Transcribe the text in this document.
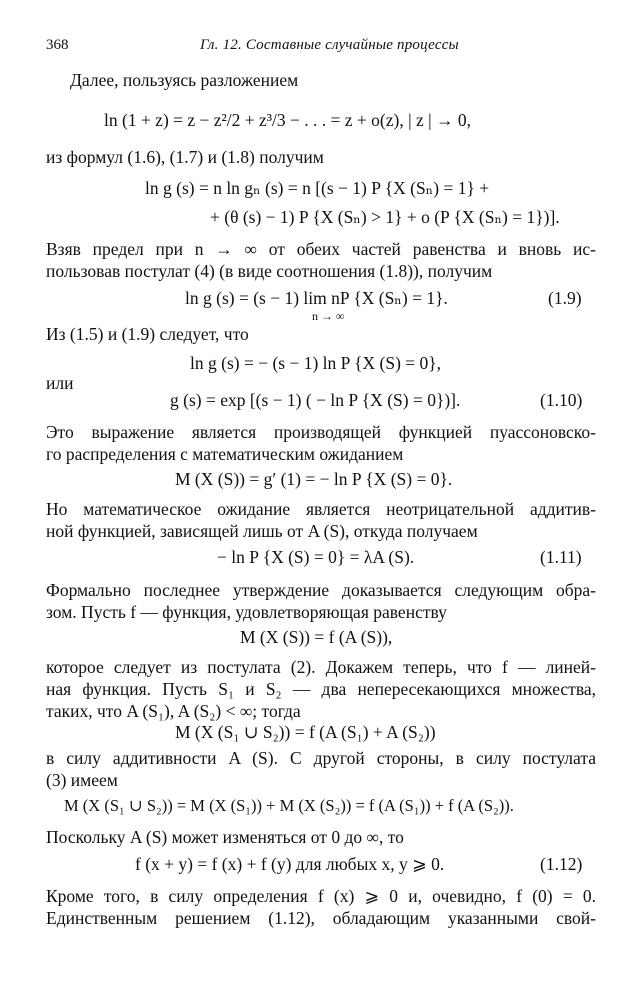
368	Гл. 12. Составные случайные процессы
Далее, пользуясь разложением
ln (1 + z) = z − z²/2 + z³/3 − . . . = z + o(z), | z | → 0,
из формул (1.6), (1.7) и (1.8) получим
ln g (s) = n ln gₙ (s) = n [(s − 1) P {X (Sₙ) = 1} +
+ (θ (s) − 1) P {X (Sₙ) > 1} + o (P {X (Sₙ) = 1})].
Взяв предел при n → ∞ от обеих частей равенства и вновь ис-
пользовав постулат (4) (в виде соотношения (1.8)), получим
ln g (s) = (s − 1) lim nP {X (Sₙ) = 1}.
n → ∞
(1.9)
Из (1.5) и (1.9) следует, что
ln g (s) = − (s − 1) ln P {X (S) = 0},
или
g (s) = exp [(s − 1) ( − ln P {X (S) = 0})].	(1.10)
Это выражение является производящей функцией пуассоновско-
го распределения с математическим ожиданием
M (X (S)) = g′ (1) = − ln P {X (S) = 0}.
Но математическое ожидание является неотрицательной аддитив-
ной функцией, зависящей лишь от A (S), откуда получаем
− ln P {X (S) = 0} = λA (S).	(1.11)
Формально последнее утверждение доказывается следующим обра-
зом. Пусть f — функция, удовлетворяющая равенству
M (X (S)) = f (A (S)),
которое следует из постулата (2). Докажем теперь, что f — линей-
ная функция. Пусть S₁ и S₂ — два непересекающихся множества,
таких, что A (S₁), A (S₂) < ∞; тогда
M (X (S₁ ∪ S₂)) = f (A (S₁) + A (S₂))
в силу аддитивности A (S). С другой стороны, в силу постулата
(3) имеем
M (X (S₁ ∪ S₂)) = M (X (S₁)) + M (X (S₂)) = f (A (S₁)) + f (A (S₂)).
Поскольку A (S) может изменяться от 0 до ∞, то
f (x + y) = f (x) + f (y) для любых x, y ⩾ 0.	(1.12)
Кроме того, в силу определения f (x) ⩾ 0 и, очевидно, f (0) = 0.
Единственным решением (1.12), обладающим указанными свой-
